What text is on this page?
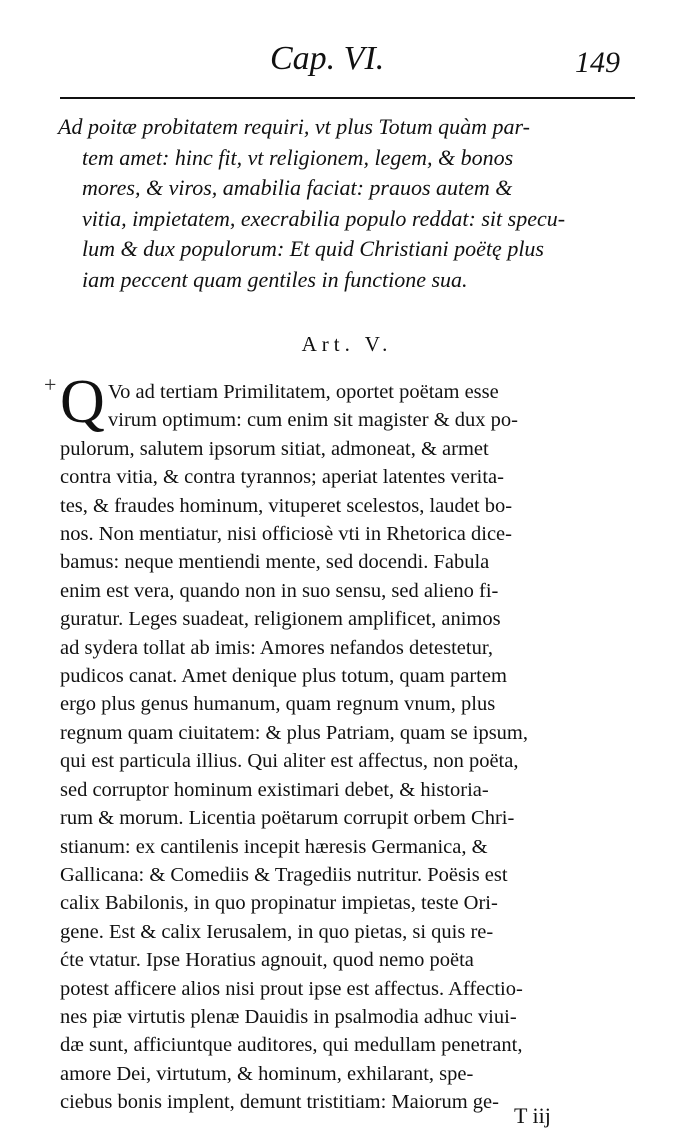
Cap. VI.	149
Ad poitæ probitatem requiri, vt plus Totum quàm par-
tem amet: hinc fit, vt religionem, legem, & bonos
mores, & viros, amabilia faciat: prauos autem &
vitia, impietatem, execrabilia populo reddat: sit specu-
lum & dux populorum: Et quid Christiani poëtę plus
iam peccent quam gentiles in functione sua.
Art. V.
+ Q Vo ad tertiam Primilitatem, oportet poëtam esse
virum optimum: cum enim sit magister & dux po-
pulorum, salutem ipsorum sitiat, admoneat, & armet
contra vitia, & contra tyrannos; aperiat latentes verita-
tes, & fraudes hominum, vituperet scelestos, laudet bo-
nos. Non mentiatur, nisi officiosè vti in Rhetorica dice-
bamus: neque mentiendi mente, sed docendi. Fabula
enim est vera, quando non in suo sensu, sed alieno fi-
guratur. Leges suadeat, religionem amplificet, animos
ad sydera tollat ab imis: Amores nefandos detestetur,
pudicos canat. Amet denique plus totum, quam partem
ergo plus genus humanum, quam regnum vnum, plus
regnum quam ciuitatem: & plus Patriam, quam se ipsum,
qui est particula illius. Qui aliter est affectus, non poëta,
sed corruptor hominum existimari debet, & historia-
rum & morum. Licentia poëtarum corrupit orbem Chri-
stianum: ex cantilenis incepit hæresis Germanica, &
Gallicana: & Comediis & Tragediis nutritur. Poësis est
calix Babilonis, in quo propinatur impietas, teste Ori-
gene. Est & calix Ierusalem, in quo pietas, si quis re-
ćte vtatur. Ipse Horatius agnouit, quod nemo poëta
potest afficere alios nisi prout ipse est affectus. Affectio-
nes piæ virtutis plenæ Dauidis in psalmodia adhuc viui-
dæ sunt, afficiuntque auditores, qui medullam penetrant,
amore Dei, virtutum, & hominum, exhilarant, spe-
ciebus bonis implent, demunt tristitiam: Maiorum ge-
T iij
